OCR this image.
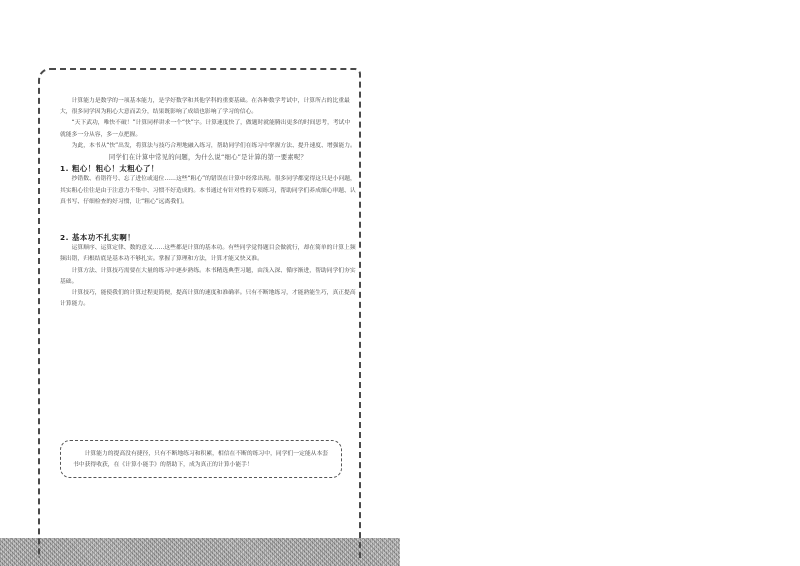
计算能力是数学的一项基本能力，是学好数学和其他学科的重要基础。在各种数学考试中，计算所占的比重最大，很多同学因为粗心大意而丢分，结果既影响了成绩也影响了学习的信心。

“天下武功，唯快不破！”计算同样讲求一个“快”字。计算速度快了，做题时就能腾出更多的时间思考，考试中就能多一分从容，多一点把握。

为此，本书从“快”出发，将算法与技巧合理地融入练习，帮助同学们在练习中掌握方法、提升速度、增强能力。

同学们在计算中常见的问题，为什么说“细心”是计算的第一要素呢？

1. 粗心！粗心！太粗心了！

抄错数、看错符号、忘了进位或退位……这些“粗心”的错误在计算中经常出现。很多同学都觉得这只是小问题，其实粗心往往是由于注意力不集中、习惯不好造成的。本书通过有针对性的专项练习，帮助同学们养成细心审题、认真书写、仔细检查的好习惯，让“粗心”远离我们。

2. 基本功不扎实啊！

运算顺序、运算定律、数的意义……这些都是计算的基本功。有些同学觉得题目会做就行，却在简单的计算上频频出错，归根结底是基本功不够扎实。掌握了算理和方法，计算才能又快又准。

计算方法、计算技巧需要在大量的练习中逐步熟练。本书精选典型习题，由浅入深、循序渐进，帮助同学们夯实基础。

计算技巧，能使我们的计算过程更简便，提高计算的速度和准确率。只有不断地练习，才能熟能生巧，真正提高计算能力。

计算能力的提高没有捷径，只有不断地练习和积累，相信在不断的练习中，同学们一定能从本套书中获得收获，在《计算小能手》的帮助下，成为真正的计算小能手！
